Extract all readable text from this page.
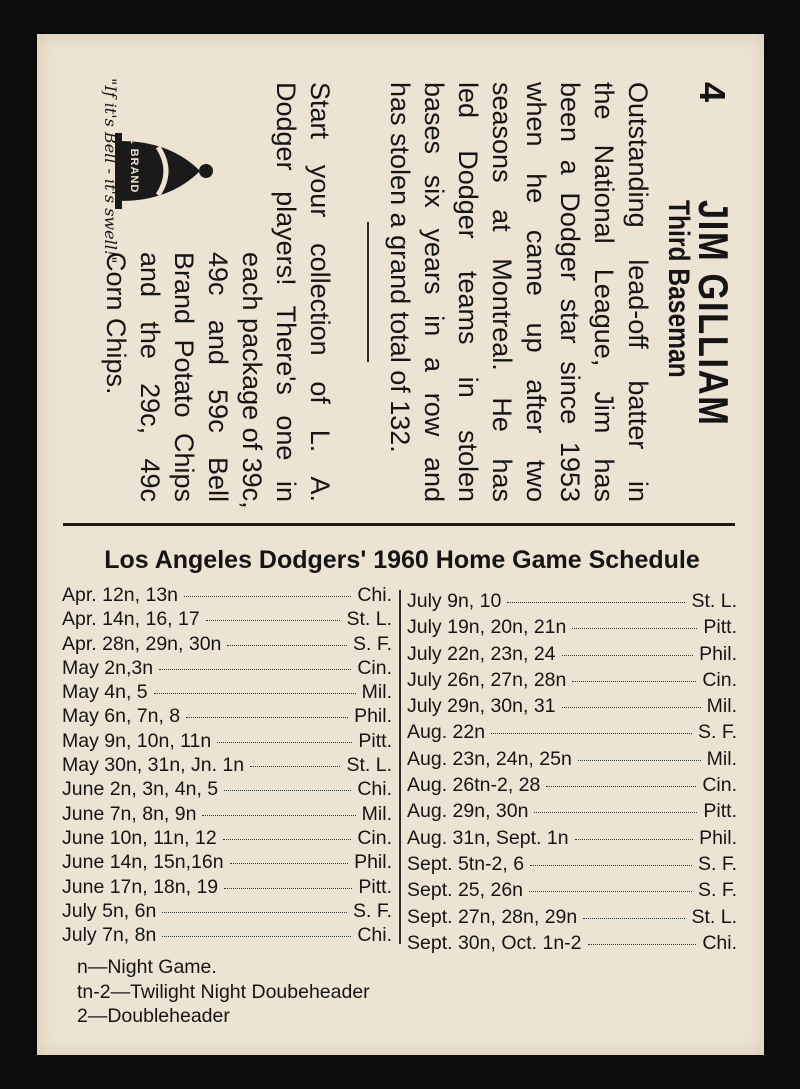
4
JIM GILLIAM
Third Baseman
Outstanding lead-off batter in
the National League, Jim has
been a Dodger star since 1953
when he came up after two
seasons at Montreal. He has
led Dodger teams in stolen
bases six years in a row and
has stolen a grand total of 132.
Start your collection of L. A.
Dodger players! There's one in
each package of 39c,
49c and 59c Bell
Brand Potato Chips
and the 29c, 49c
Corn Chips.
BELL BRAND
"If it's Bell - it's swell!"
Los Angeles Dodgers' 1960 Home Game Schedule
Apr. 12n, 13n	Chi.
Apr. 14n, 16, 17	St. L.
Apr. 28n, 29n, 30n	S. F.
May 2n,3n	Cin.
May 4n, 5	Mil.
May 6n, 7n, 8	Phil.
May 9n, 10n, 11n	Pitt.
May 30n, 31n, Jn. 1n	St. L.
June 2n, 3n, 4n, 5	Chi.
June 7n, 8n, 9n	Mil.
June 10n, 11n, 12	Cin.
June 14n, 15n,16n	Phil.
June 17n, 18n, 19	Pitt.
July 5n, 6n	S. F.
July 7n, 8n	Chi.
July 9n, 10	St. L.
July 19n, 20n, 21n	Pitt.
July 22n, 23n, 24	Phil.
July 26n, 27n, 28n	Cin.
July 29n, 30n, 31	Mil.
Aug. 22n	S. F.
Aug. 23n, 24n, 25n	Mil.
Aug. 26tn-2, 28	Cin.
Aug. 29n, 30n	Pitt.
Aug. 31n, Sept. 1n	Phil.
Sept. 5tn-2, 6	S. F.
Sept. 25, 26n	S. F.
Sept. 27n, 28n, 29n	St. L.
Sept. 30n, Oct. 1n-2	Chi.
n—Night Game.
tn-2—Twilight Night Doubeheader
2—Doubleheader
